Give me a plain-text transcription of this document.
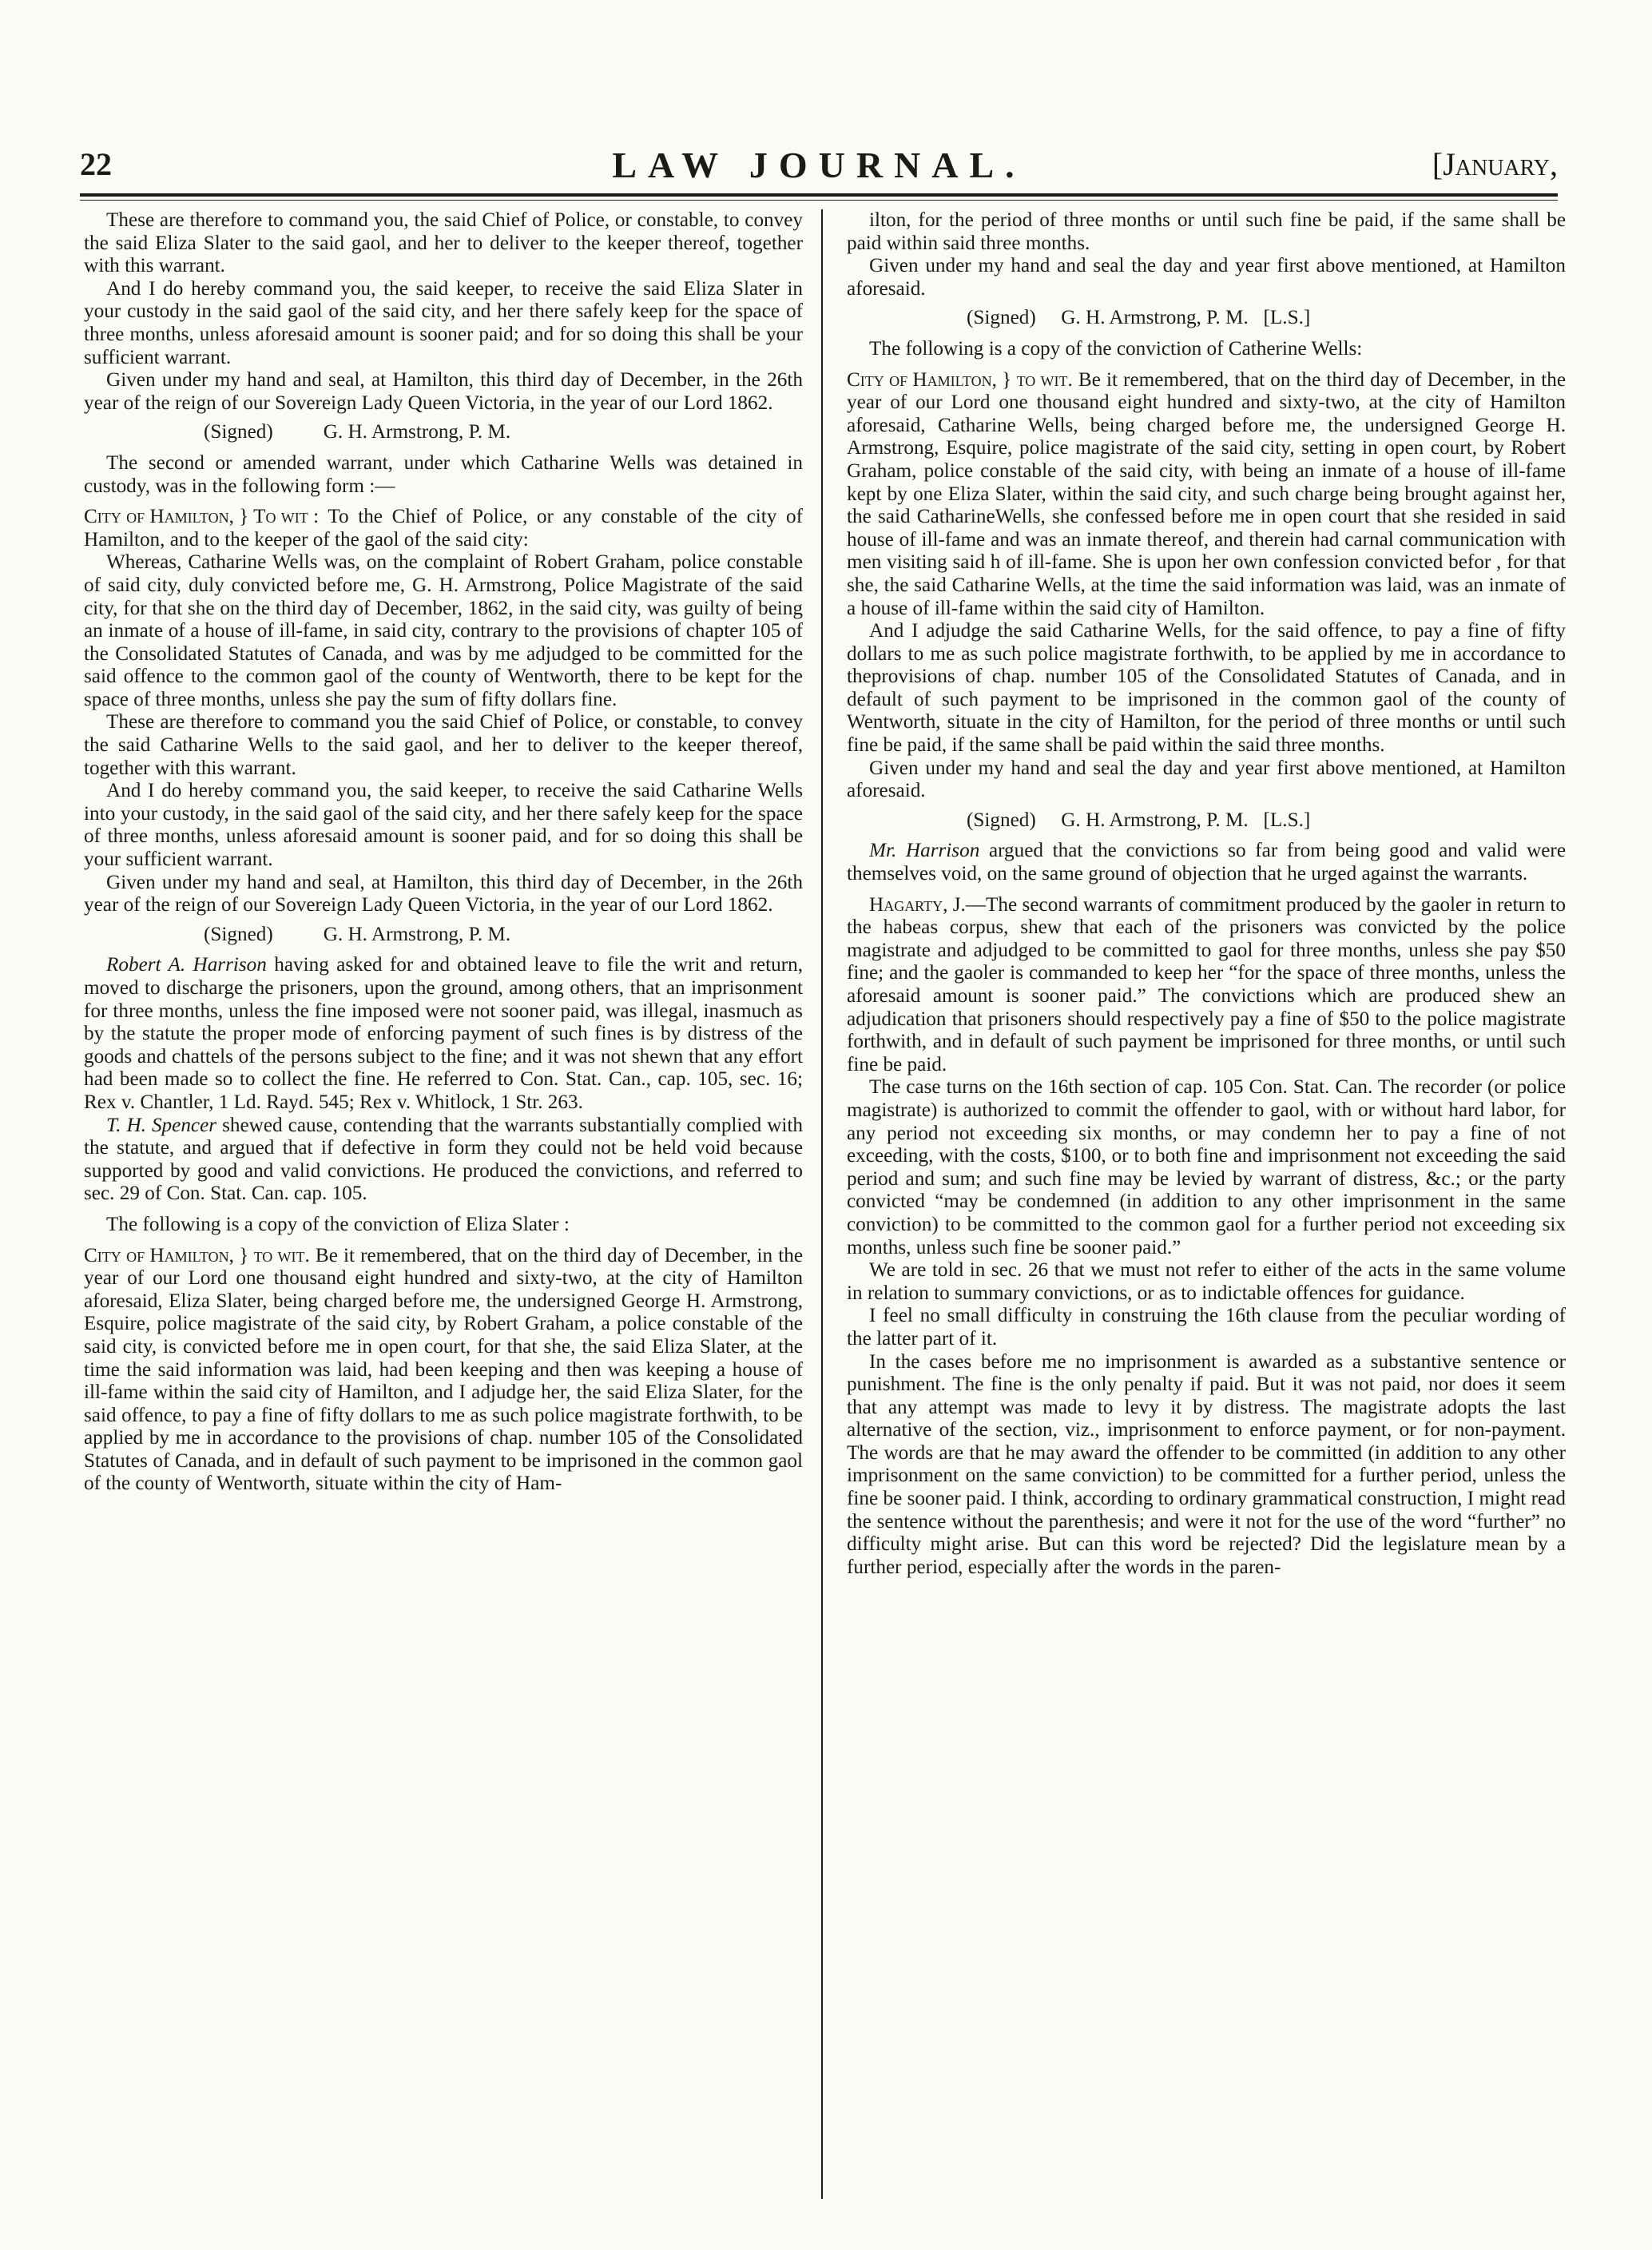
22	LAW JOURNAL.	[January,

These are therefore to command you, the said Chief of Police, or constable, to convey the said Eliza Slater to the said gaol, and her to deliver to the keeper thereof, together with this warrant.

And I do hereby command you, the said keeper, to receive the said Eliza Slater in your custody in the said gaol of the said city, and her there safely keep for the space of three months, unless aforesaid amount is sooner paid; and for so doing this shall be your sufficient warrant.

Given under my hand and seal, at Hamilton, this third day of December, in the 26th year of the reign of our Sovereign Lady Queen Victoria, in the year of our Lord 1862.

(Signed)          G. H. Armstrong, P. M.

The second or amended warrant, under which Catharine Wells was detained in custody, was in the following form :—

City of Hamilton, } To wit : To the Chief of Police, or any constable of the city of Hamilton, and to the keeper of the gaol of the said city:

Whereas, Catharine Wells was, on the complaint of Robert Graham, police constable of said city, duly convicted before me, G. H. Armstrong, Police Magistrate of the said city, for that she on the third day of December, 1862, in the said city, was guilty of being an inmate of a house of ill-fame, in said city, contrary to the provisions of chapter 105 of the Consolidated Statutes of Canada, and was by me adjudged to be committed for the said offence to the common gaol of the county of Wentworth, there to be kept for the space of three months, unless she pay the sum of fifty dollars fine.

These are therefore to command you the said Chief of Police, or constable, to convey the said Catharine Wells to the said gaol, and her to deliver to the keeper thereof, together with this warrant.

And I do hereby command you, the said keeper, to receive the said Catharine Wells into your custody, in the said gaol of the said city, and her there safely keep for the space of three months, unless aforesaid amount is sooner paid, and for so doing this shall be your sufficient warrant.

Given under my hand and seal, at Hamilton, this third day of December, in the 26th year of the reign of our Sovereign Lady Queen Victoria, in the year of our Lord 1862.

(Signed)          G. H. Armstrong, P. M.

Robert A. Harrison having asked for and obtained leave to file the writ and return, moved to discharge the prisoners, upon the ground, among others, that an imprisonment for three months, unless the fine imposed were not sooner paid, was illegal, inasmuch as by the statute the proper mode of enforcing payment of such fines is by distress of the goods and chattels of the persons subject to the fine; and it was not shewn that any effort had been made so to collect the fine. He referred to Con. Stat. Can., cap. 105, sec. 16; Rex v. Chantler, 1 Ld. Rayd. 545; Rex v. Whitlock, 1 Str. 263.

T. H. Spencer shewed cause, contending that the warrants substantially complied with the statute, and argued that if defective in form they could not be held void because supported by good and valid convictions. He produced the convictions, and referred to sec. 29 of Con. Stat. Can. cap. 105.

The following is a copy of the conviction of Eliza Slater :

City of Hamilton, } to wit. Be it remembered, that on the third day of December, in the year of our Lord one thousand eight hundred and sixty-two, at the city of Hamilton aforesaid, Eliza Slater, being charged before me, the undersigned George H. Armstrong, Esquire, police magistrate of the said city, by Robert Graham, a police constable of the said city, is convicted before me in open court, for that she, the said Eliza Slater, at the time the said information was laid, had been keeping and then was keeping a house of ill-fame within the said city of Hamilton, and I adjudge her, the said Eliza Slater, for the said offence, to pay a fine of fifty dollars to me as such police magistrate forthwith, to be applied by me in accordance to the provisions of chap. number 105 of the Consolidated Statutes of Canada, and in default of such payment to be imprisoned in the common gaol of the county of Wentworth, situate within the city of Ham-

ilton, for the period of three months or until such fine be paid, if the same shall be paid within said three months.

Given under my hand and seal the day and year first above mentioned, at Hamilton aforesaid.

(Signed)     G. H. Armstrong, P. M.   [L.S.]

The following is a copy of the conviction of Catherine Wells:

City of Hamilton, } to wit. Be it remembered, that on the third day of December, in the year of our Lord one thousand eight hundred and sixty-two, at the city of Hamilton aforesaid, Catharine Wells, being charged before me, the undersigned George H. Armstrong, Esquire, police magistrate of the said city, setting in open court, by Robert Graham, police constable of the said city, with being an inmate of a house of ill-fame kept by one Eliza Slater, within the said city, and such charge being brought against her, the said CatharineWells, she confessed before me in open court that she resided in said house of ill-fame and was an inmate thereof, and therein had carnal communication with men visiting said h of ill-fame. She is upon her own confession convicted befor , for that she, the said Catharine Wells, at the time the said information was laid, was an inmate of a house of ill-fame within the said city of Hamilton.

And I adjudge the said Catharine Wells, for the said offence, to pay a fine of fifty dollars to me as such police magistrate forthwith, to be applied by me in accordance to theprovisions of chap. number 105 of the Consolidated Statutes of Canada, and in default of such payment to be imprisoned in the common gaol of the county of Wentworth, situate in the city of Hamilton, for the period of three months or until such fine be paid, if the same shall be paid within the said three months.

Given under my hand and seal the day and year first above mentioned, at Hamilton aforesaid.

(Signed)     G. H. Armstrong, P. M.   [L.S.]

Mr. Harrison argued that the convictions so far from being good and valid were themselves void, on the same ground of objection that he urged against the warrants.

Hagarty, J.—The second warrants of commitment produced by the gaoler in return to the habeas corpus, shew that each of the prisoners was convicted by the police magistrate and adjudged to be committed to gaol for three months, unless she pay $50 fine; and the gaoler is commanded to keep her “for the space of three months, unless the aforesaid amount is sooner paid.” The convictions which are produced shew an adjudication that prisoners should respectively pay a fine of $50 to the police magistrate forthwith, and in default of such payment be imprisoned for three months, or until such fine be paid.

The case turns on the 16th section of cap. 105 Con. Stat. Can. The recorder (or police magistrate) is authorized to commit the offender to gaol, with or without hard labor, for any period not exceeding six months, or may condemn her to pay a fine of not exceeding, with the costs, $100, or to both fine and imprisonment not exceeding the said period and sum; and such fine may be levied by warrant of distress, &c.; or the party convicted “may be condemned (in addition to any other imprisonment in the same conviction) to be committed to the common gaol for a further period not exceeding six months, unless such fine be sooner paid.”

We are told in sec. 26 that we must not refer to either of the acts in the same volume in relation to summary convictions, or as to indictable offences for guidance.

I feel no small difficulty in construing the 16th clause from the peculiar wording of the latter part of it.

In the cases before me no imprisonment is awarded as a substantive sentence or punishment. The fine is the only penalty if paid. But it was not paid, nor does it seem that any attempt was made to levy it by distress. The magistrate adopts the last alternative of the section, viz., imprisonment to enforce payment, or for non-payment. The words are that he may award the offender to be committed (in addition to any other imprisonment on the same conviction) to be committed for a further period, unless the fine be sooner paid. I think, according to ordinary grammatical construction, I might read the sentence without the parenthesis; and were it not for the use of the word “further” no difficulty might arise. But can this word be rejected? Did the legislature mean by a further period, especially after the words in the paren-
